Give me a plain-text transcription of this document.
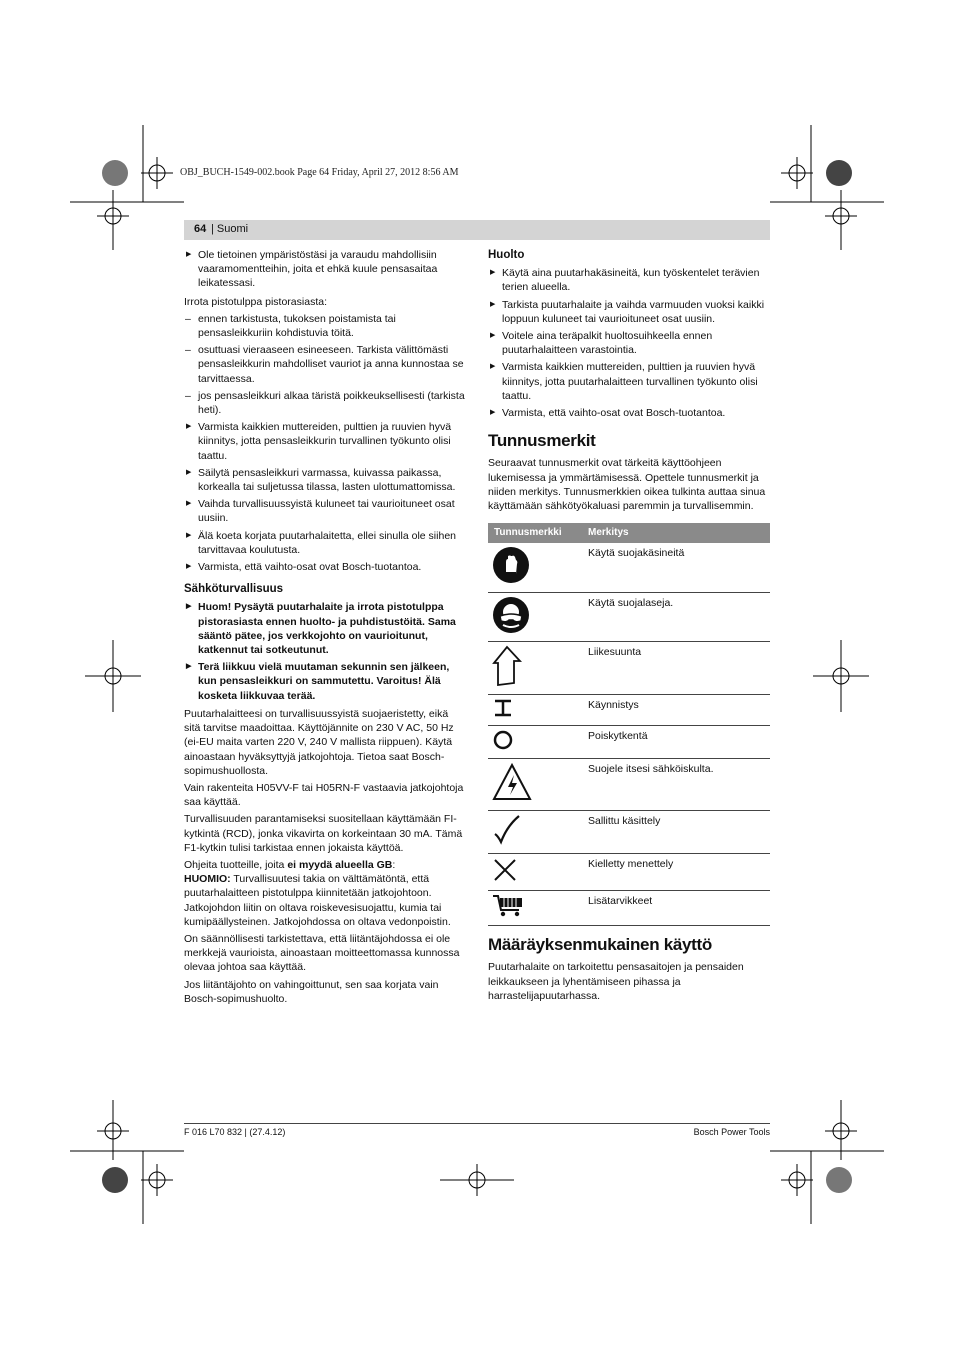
OBJ_BUCH-1549-002.book Page 64 Friday, April 27, 2012 8:56 AM
64 | Suomi
▶ Ole tietoinen ympäristöstäsi ja varaudu mahdollisiin vaaramomentteihin, joita et ehkä kuule pensasaitaa leikatessasi.
Irrota pistotulppa pistorasiasta:
– ennen tarkistusta, tukoksen poistamista tai pensasleikkuriin kohdistuvia töitä.
– osuttuasi vieraaseen esineeseen. Tarkista välittömästi pensasleikkurin mahdolliset vauriot ja anna kunnostaa se tarvittaessa.
– jos pensasleikkuri alkaa täristä poikkeuksellisesti (tarkista heti).
▶ Varmista kaikkien muttereiden, pulttien ja ruuvien hyvä kiinnitys, jotta pensasleikkurin turvallinen työkunto olisi taattu.
▶ Säilytä pensasleikkuri varmassa, kuivassa paikassa, korkealla tai suljetussa tilassa, lasten ulottumattomissa.
▶ Vaihda turvallisuussyistä kuluneet tai vaurioituneet osat uusiin.
▶ Älä koeta korjata puutarhalaitetta, ellei sinulla ole siihen tarvittavaa koulutusta.
▶ Varmista, että vaihto-osat ovat Bosch-tuotantoa.
Sähköturvallisuus
▶ Huom! Pysäytä puutarhalaite ja irrota pistotulppa pistorasiasta ennen huolto- ja puhdistustöitä. Sama sääntö pätee, jos verkkojohto on vaurioitunut, katkennut tai sotkeutunut.
▶ Terä liikkuu vielä muutaman sekunnin sen jälkeen, kun pensasleikkuri on sammutettu. Varoitus! Älä kosketa liikkuvaa terää.
Puutarhalaitteesi on turvallisuussyistä suojaeristetty, eikä sitä tarvitse maadoittaa. Käyttöjännite on 230 V AC, 50 Hz (ei-EU maita varten 220 V, 240 V mallista riippuen). Käytä ainoastaan hyväksyttyjä jatkojohtoja. Tietoa saat Bosch-sopimushuollosta.
Vain rakenteita H05VV-F tai H05RN-F vastaavia jatkojohtoja saa käyttää.
Turvallisuuden parantamiseksi suositellaan käyttämään FI-kytkintä (RCD), jonka vikavirta on korkeintaan 30 mA. Tämä F1-kytkin tulisi tarkistaa ennen jokaista käyttöä.
Ohjeita tuotteille, joita ei myydä alueella GB:
HUOMIO: Turvallisuutesi takia on välttämätöntä, että puutarhalaitteen pistotulppa kiinnitetään jatkojohtoon. Jatkojohdon liitin on oltava roiskevesisuojattu, kumia tai kumipäällysteinen. Jatkojohdossa on oltava vedonpoistin.
On säännöllisesti tarkistettava, että liitäntäjohdossa ei ole merkkejä vaurioista, ainoastaan moitteettomassa kunnossa olevaa johtoa saa käyttää.
Jos liitäntäjohto on vahingoittunut, sen saa korjata vain Bosch-sopimushuolto.
Huolto
▶ Käytä aina puutarhakäsineitä, kun työskentelet terävien terien alueella.
▶ Tarkista puutarhalaite ja vaihda varmuuden vuoksi kaikki loppuun kuluneet tai vaurioituneet osat uusiin.
▶ Voitele aina teräpalkit huoltosuihkeella ennen puutarhalaitteen varastointia.
▶ Varmista kaikkien muttereiden, pulttien ja ruuvien hyvä kiinnitys, jotta puutarhalaitteen turvallinen työkunto olisi taattu.
▶ Varmista, että vaihto-osat ovat Bosch-tuotantoa.
Tunnusmerkit
Seuraavat tunnusmerkit ovat tärkeitä käyttöohjeen lukemisessa ja ymmärtämisessä. Opettele tunnusmerkit ja niiden merkitys. Tunnusmerkkien oikea tulkinta auttaa sinua käyttämään sähkötyökaluasi paremmin ja turvallisemmin.
Tunnusmerkki	Merkitys
	Käytä suojakäsineitä
	Käytä suojalaseja.
	Liikesuunta
	Käynnistys
	Poiskytkentä
	Suojele itsesi sähköiskulta.
	Sallittu käsittely
	Kielletty menettely
	Lisätarvikkeet
Määräyksenmukainen käyttö
Puutarhalaite on tarkoitettu pensasaitojen ja pensaiden leikkaukseen ja lyhentämiseen pihassa ja harrastelijapuutarhassa.
F 016 L70 832 | (27.4.12)	Bosch Power Tools
